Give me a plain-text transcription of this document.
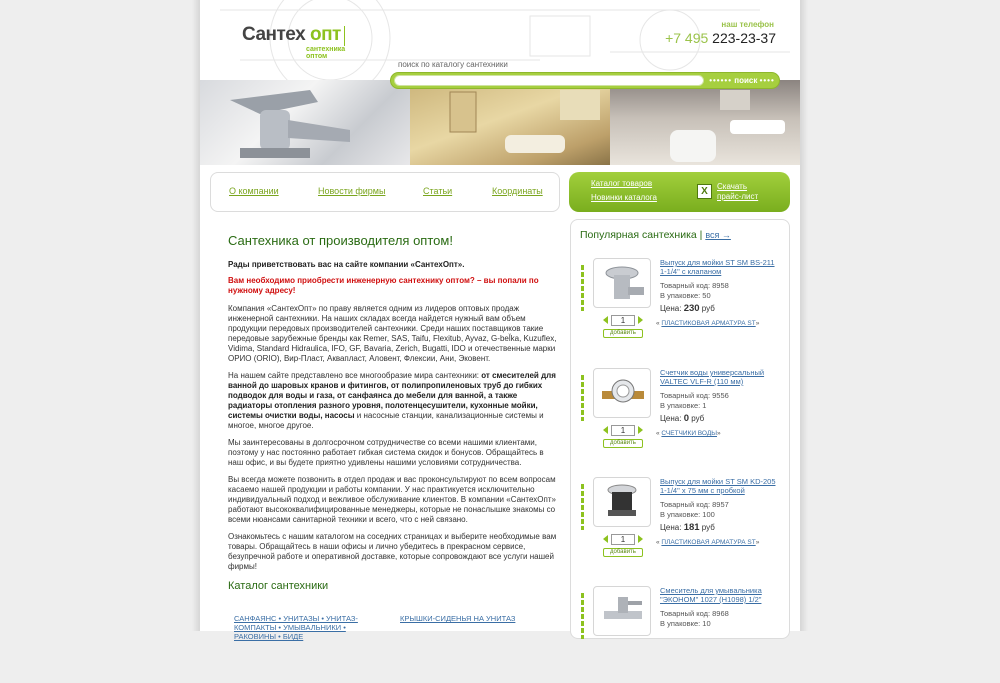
Сантех опт
сантехника оптом
наш телефон
+7 495 223-23-37
поиск по каталогу сантехники
•••••• поиск ••••
О компании	Новости фирмы	Статьи	Координаты
Каталог товаров
Новинки каталога
X	Скачать прайс-лист
Сантехника от производителя оптом!
Рады приветствовать вас на сайте компании «СантехОпт».
Вам необходимо приобрести инженерную сантехнику оптом? – вы попали по нужному адресу!
Компания «СантехОпт» по праву является одним из лидеров оптовых продаж инженерной сантехники. На наших складах всегда найдется нужный вам объем продукции передовых производителей сантехники. Среди наших поставщиков такие передовые зарубежные бренды как Remer, SAS, Taifu, Flexitub, Ayvaz, G-bel̆ka, Kuzuflex, Vidima, Standard Hidraulica, IFO, GF, Bavaria, Zerich, Bugatti, IDO и отечественные марки ОРИО (ORIO), Вир-Пласт, Аквапласт, Аловент, Флексии, Ани, Эковент.
На нашем сайте представлено все многообразие мира сантехники: от смесителей для ванной до шаровых кранов и фитингов, от полипропиленовых труб до гибких подводок для воды и газа, от санфаянса до мебели для ванной, а также радиаторы отопления разного уровня, полотенцесушители, кухонные мойки, системы очистки воды, насосы и насосные станции, канализационные системы и многое, многое другое.
Мы заинтересованы в долгосрочном сотрудничестве со всеми нашими клиентами, поэтому у нас постоянно работает гибкая система скидок и бонусов. Обращайтесь в наш офис, и вы будете приятно удивлены нашими условиями сотрудничества.
Вы всегда можете позвонить в отдел продаж и вас проконсультируют по всем вопросам касаемо нашей продукции и работы компании. У нас практикуется исключительно индивидуальный подход и вежливое обслуживание клиентов. В компании «СантехОпт» работают высококвалифицированные менеджеры, которые не понаслышке знакомы со всеми нюансами санитарной техники и всего, что с ней связано.
Ознакомьтесь с нашим каталогом на соседних страницах и выберите необходимые вам товары. Обращайтесь в наши офисы и лично убедитесь в прекрасном сервисе, безупречной работе и оперативной доставке, которые сопровождают все услуги нашей фирмы!
Каталог сантехники
САНФАЯНС • УНИТАЗЫ • УНИТАЗ-КОМПАКТЫ • УМЫВАЛЬНИКИ • РАКОВИНЫ • БИДЕ
КРЫШКИ-СИДЕНЬЯ НА УНИТАЗ
Популярная сантехника | вся →
Выпуск для мойки ST SM BS-211 1-1/4" с клапаном
Товарный код: 8958
В упаковке: 50
Цена: 230 руб
1
добавить
« ПЛАСТИКОВАЯ АРМАТУРА ST»
Счетчик воды универсальный VALTEC VLF-R (110 мм)
Товарный код: 9556
В упаковке: 1
Цена: 0 руб
1
добавить
« СЧЕТЧИКИ ВОДЫ»
Выпуск для мойки ST SM KD-205 1-1/4" х 75 мм с пробкой
Товарный код: 8957
В упаковке: 100
Цена: 181 руб
1
добавить
« ПЛАСТИКОВАЯ АРМАТУРА ST»
Смеситель для умывальника "ЭКОНОМ" 1027 (H1098) 1/2"
Товарный код: 8968
В упаковке: 10
